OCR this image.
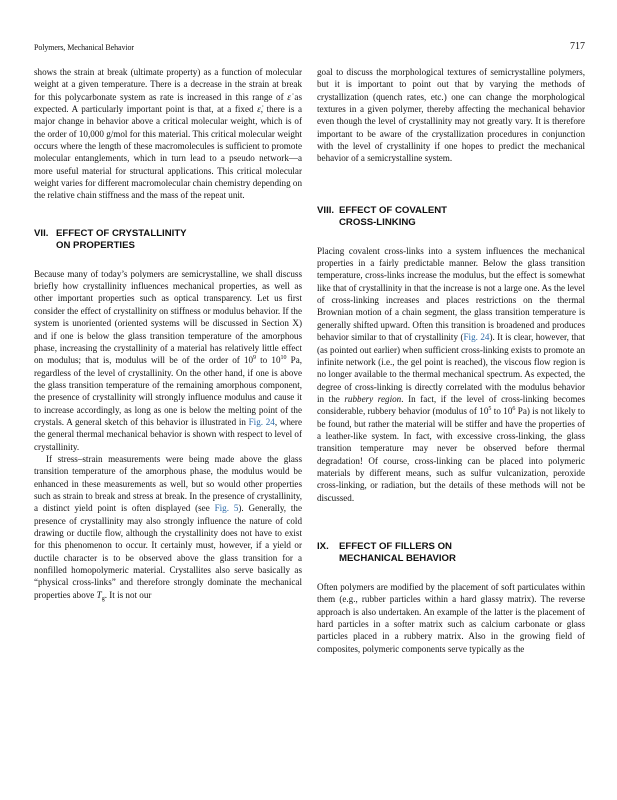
Polymers, Mechanical Behavior	717

shows the strain at break (ultimate property) as a function of molecular weight at a given temperature. There is a decrease in the strain at break for this polycarbonate system as rate is increased in this range of ε̇ as expected. A particularly important point is that, at a fixed ε̇, there is a major change in behavior above a critical molecular weight, which is of the order of 10,000 g/mol for this material. This critical molecular weight occurs where the length of these macromolecules is sufficient to promote molecular entanglements, which in turn lead to a pseudo network—a more useful material for structural applications. This critical molecular weight varies for different macromolecular chain chemistry depending on the relative chain stiffness and the mass of the repeat unit.

VII. EFFECT OF CRYSTALLINITY
ON PROPERTIES

Because many of today’s polymers are semicrystalline, we shall discuss briefly how crystallinity influences mechanical properties, as well as other important properties such as optical transparency. Let us first consider the effect of crystallinity on stiffness or modulus behavior. If the system is unoriented (oriented systems will be discussed in Section X) and if one is below the glass transition temperature of the amorphous phase, increasing the crystallinity of a material has relatively little effect on modulus; that is, modulus will be of the order of $10^9$ to $10^{10}$ Pa, regardless of the level of crystallinity. On the other hand, if one is above the glass transition temperature of the remaining amorphous component, the presence of crystallinity will strongly influence modulus and cause it to increase accordingly, as long as one is below the melting point of the crystals. A general sketch of this behavior is illustrated in Fig. 24, where the general thermal mechanical behavior is shown with respect to level of crystallinity.

If stress–strain measurements were being made above the glass transition temperature of the amorphous phase, the modulus would be enhanced in these measurements as well, but so would other properties such as strain to break and stress at break. In the presence of crystallinity, a distinct yield point is often displayed (see Fig. 5). Generally, the presence of crystallinity may also strongly influence the nature of cold drawing or ductile flow, although the crystallinity does not have to exist for this phenomenon to occur. It certainly must, however, if a yield or ductile character is to be observed above the glass transition for a nonfilled homopolymeric material. Crystallites also serve basically as “physical cross-links” and therefore strongly dominate the mechanical properties above $T_g$. It is not our

goal to discuss the morphological textures of semicrystalline polymers, but it is important to point out that by varying the methods of crystallization (quench rates, etc.) one can change the morphological textures in a given polymer, thereby affecting the mechanical behavior even though the level of crystallinity may not greatly vary. It is therefore important to be aware of the crystallization procedures in conjunction with the level of crystallinity if one hopes to predict the mechanical behavior of a semicrystalline system.

VIII. EFFECT OF COVALENT
CROSS-LINKING

Placing covalent cross-links into a system influences the mechanical properties in a fairly predictable manner. Below the glass transition temperature, cross-links increase the modulus, but the effect is somewhat like that of crystallinity in that the increase is not a large one. As the level of cross-linking increases and places restrictions on the thermal Brownian motion of a chain segment, the glass transition temperature is generally shifted upward. Often this transition is broadened and produces behavior similar to that of crystallinity (Fig. 24). It is clear, however, that (as pointed out earlier) when sufficient cross-linking exists to promote an infinite network (i.e., the gel point is reached), the viscous flow region is no longer available to the thermal mechanical spectrum. As expected, the degree of cross-linking is directly correlated with the modulus behavior in the rubbery region. In fact, if the level of cross-linking becomes considerable, rubbery behavior (modulus of $10^5$ to $10^6$ Pa) is not likely to be found, but rather the material will be stiffer and have the properties of a leather-like system. In fact, with excessive cross-linking, the glass transition temperature may never be observed before thermal degradation! Of course, cross-linking can be placed into polymeric materials by different means, such as sulfur vulcanization, peroxide cross-linking, or radiation, but the details of these methods will not be discussed.

IX. EFFECT OF FILLERS ON
MECHANICAL BEHAVIOR

Often polymers are modified by the placement of soft particulates within them (e.g., rubber particles within a hard glassy matrix). The reverse approach is also undertaken. An example of the latter is the placement of hard particles in a softer matrix such as calcium carbonate or glass particles placed in a rubbery matrix. Also in the growing field of composites, polymeric components serve typically as the
